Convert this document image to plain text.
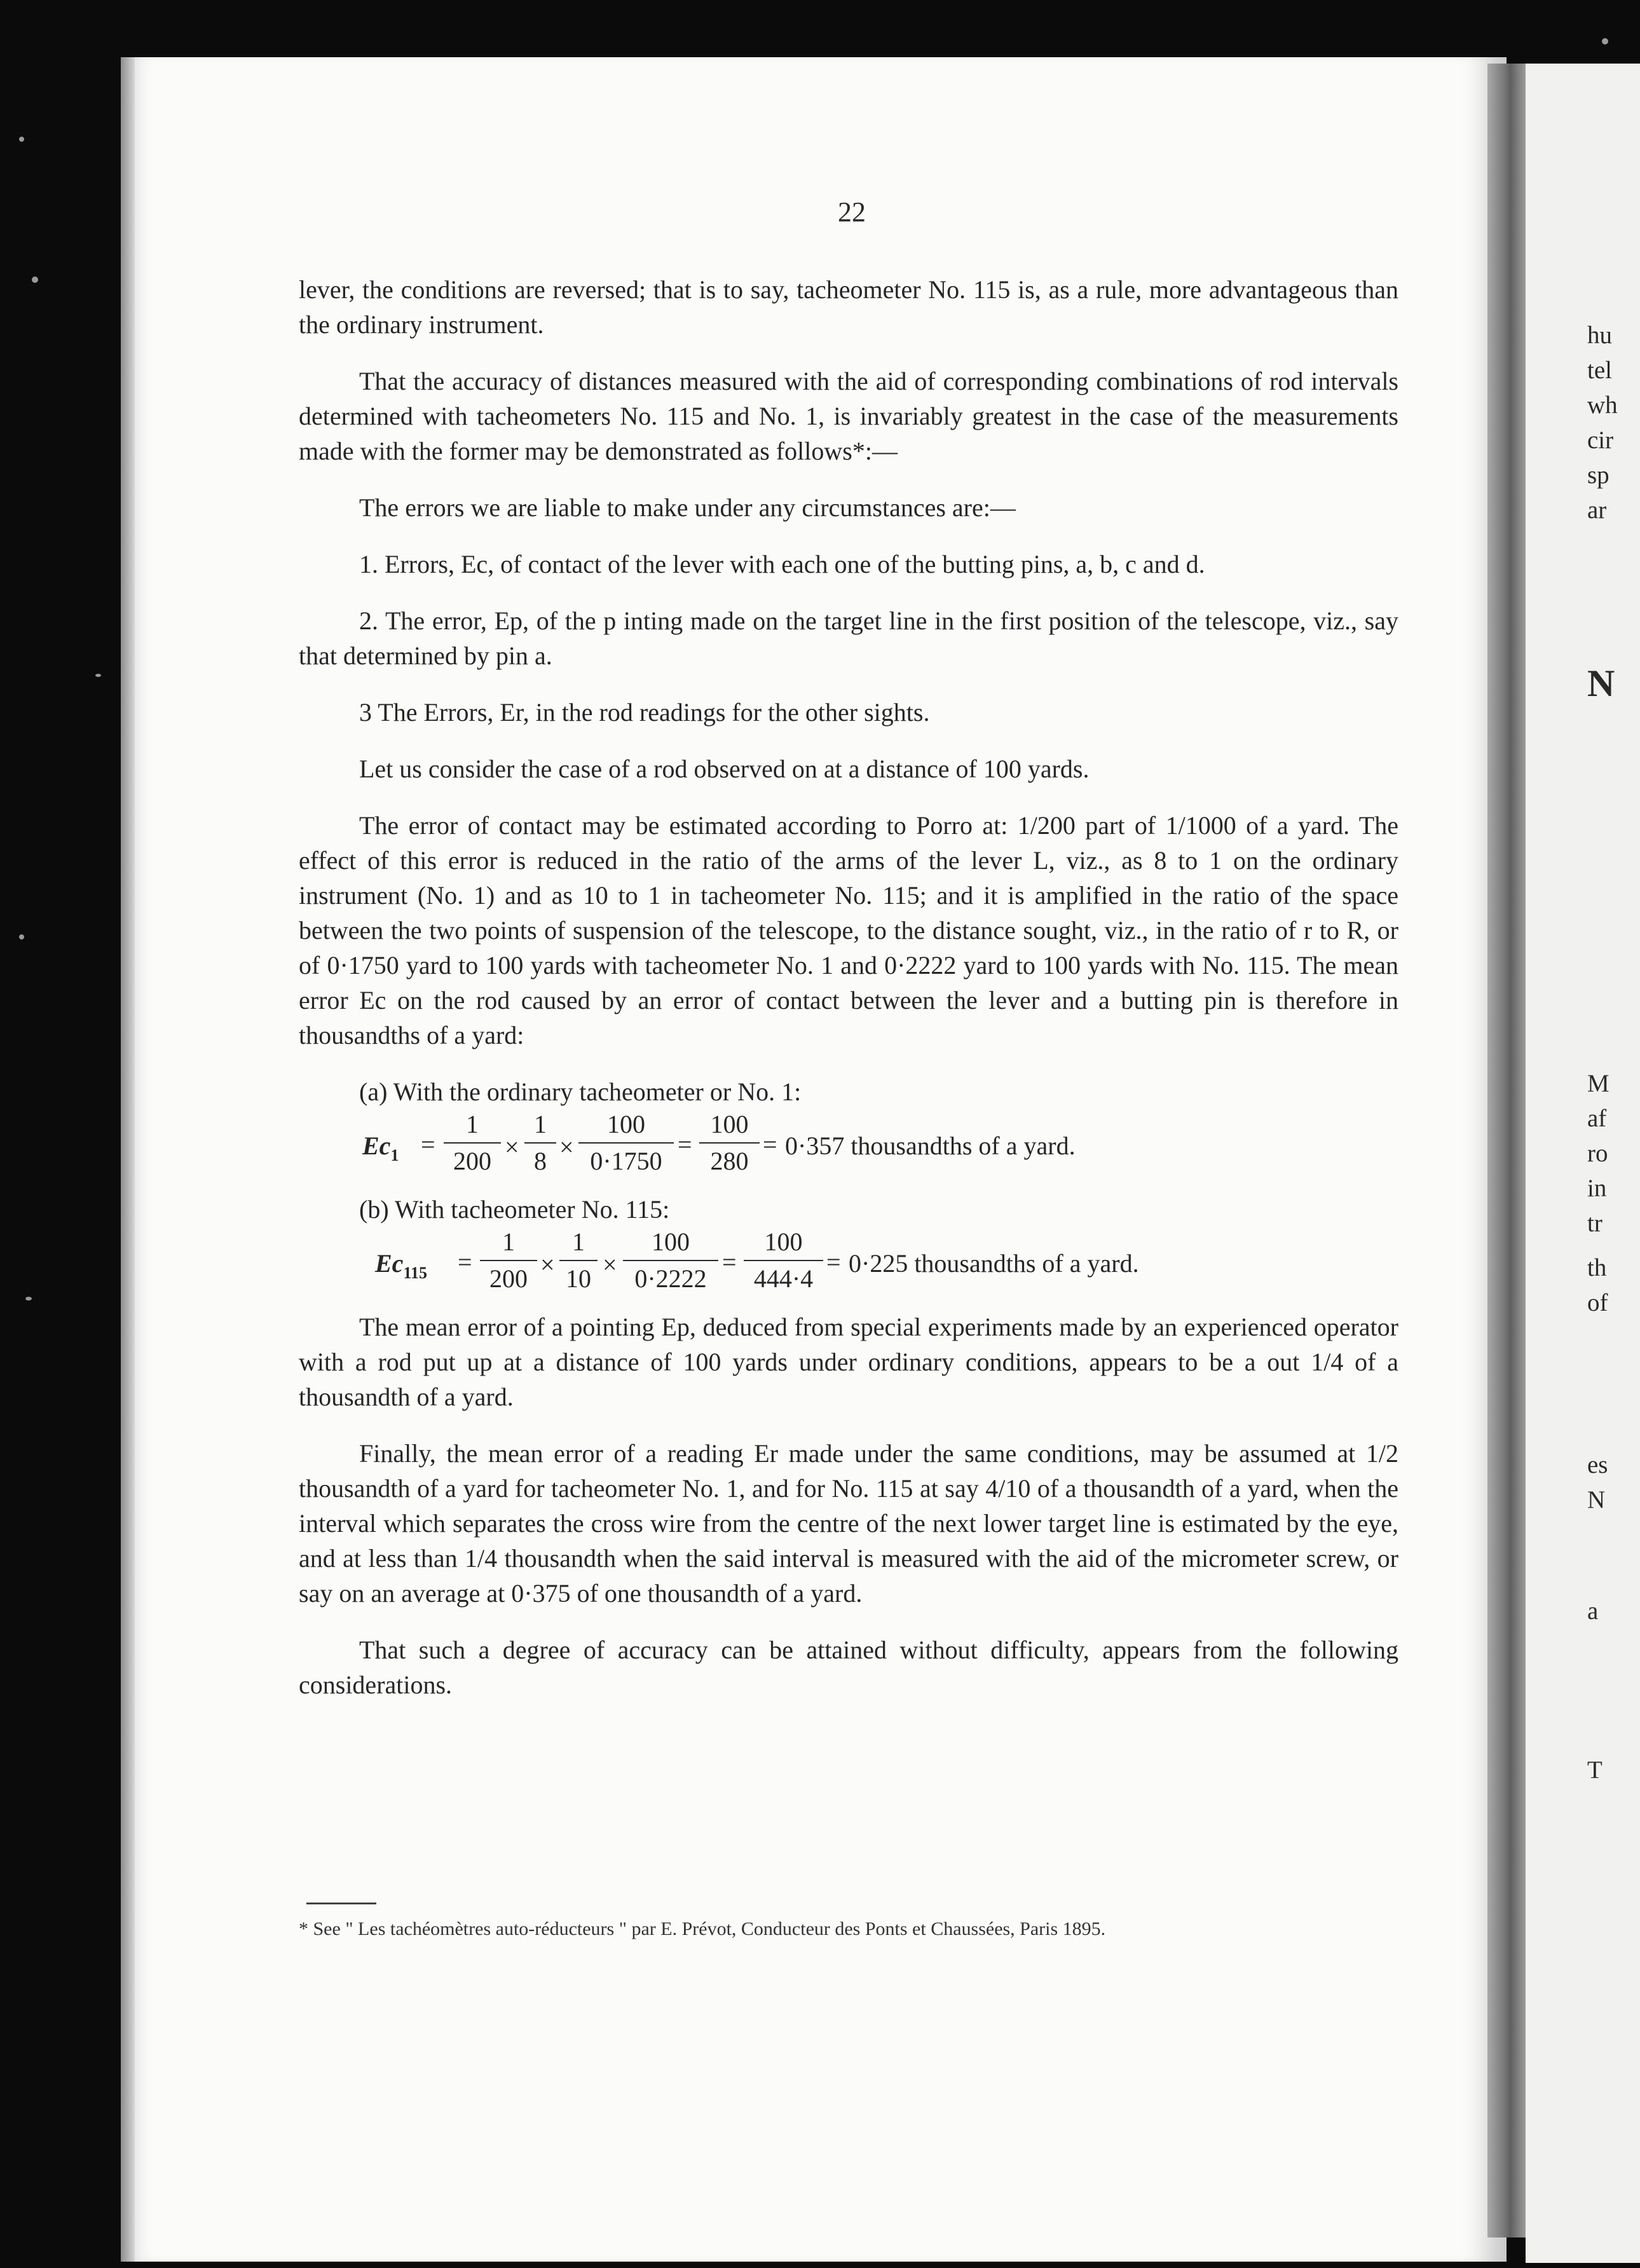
hu
tel
wh
cir
sp
ar
N
M
af
ro
in
tr
th
of
es
N
a
T
22

lever, the conditions are reversed; that is to say, tacheometer No. 115 is, as a rule, more advantageous than the ordinary instrument.

That the accuracy of distances measured with the aid of corresponding combinations of rod intervals determined with tacheometers No. 115 and No. 1, is invariably greatest in the case of the measurements made with the former may be demonstrated as follows*:—

The errors we are liable to make under any circumstances are:—

1. Errors, Ec, of contact of the lever with each one of the butting pins, a, b, c and d.

2. The error, Ep, of the p inting made on the target line in the first position of the telescope, viz., say that determined by pin a.

3 The Errors, Er, in the rod readings for the other sights.

Let us consider the case of a rod observed on at a distance of 100 yards.

The error of contact may be estimated according to Porro at: 1/200 part of 1/1000 of a yard. The effect of this error is reduced in the ratio of the arms of the lever L, viz., as 8 to 1 on the ordinary instrument (No. 1) and as 10 to 1 in tacheometer No. 115; and it is amplified in the ratio of the space between the two points of suspension of the telescope, to the distance sought, viz., in the ratio of r to R, or of 0·1750 yard to 100 yards with tacheometer No. 1 and 0·2222 yard to 100 yards with No. 115. The mean error Ec on the rod caused by an error of contact between the lever and a butting pin is therefore in thousandths of a yard:

(a) With the ordinary tacheometer or No. 1:

$Ec_1 = \frac{1}{200} \times \frac{1}{8} \times \frac{100}{0\cdot 1750} = \frac{100}{280} = 0\cdot 357$ thousandths of a yard.

(b) With tacheometer No. 115:

$Ec_{115} = \frac{1}{200} \times \frac{1}{10} \times \frac{100}{0\cdot 2222} = \frac{100}{444\cdot 4} = 0\cdot 225$ thousandths of a yard.

The mean error of a pointing Ep, deduced from special experiments made by an experienced operator with a rod put up at a distance of 100 yards under ordinary conditions, appears to be a out 1/4 of a thousandth of a yard.

Finally, the mean error of a reading Er made under the same conditions, may be assumed at 1/2 thousandth of a yard for tacheometer No. 1, and for No. 115 at say 4/10 of a thousandth of a yard, when the interval which separates the cross wire from the centre of the next lower target line is estimated by the eye, and at less than 1/4 thousandth when the said interval is measured with the aid of the micrometer screw, or say on an average at 0·375 of one thousandth of a yard.

That such a degree of accuracy can be attained without difficulty, appears from the following considerations.

* See " Les tachéomètres auto-réducteurs " par E. Prévot, Conducteur des Ponts et Chaussées, Paris 1895.
